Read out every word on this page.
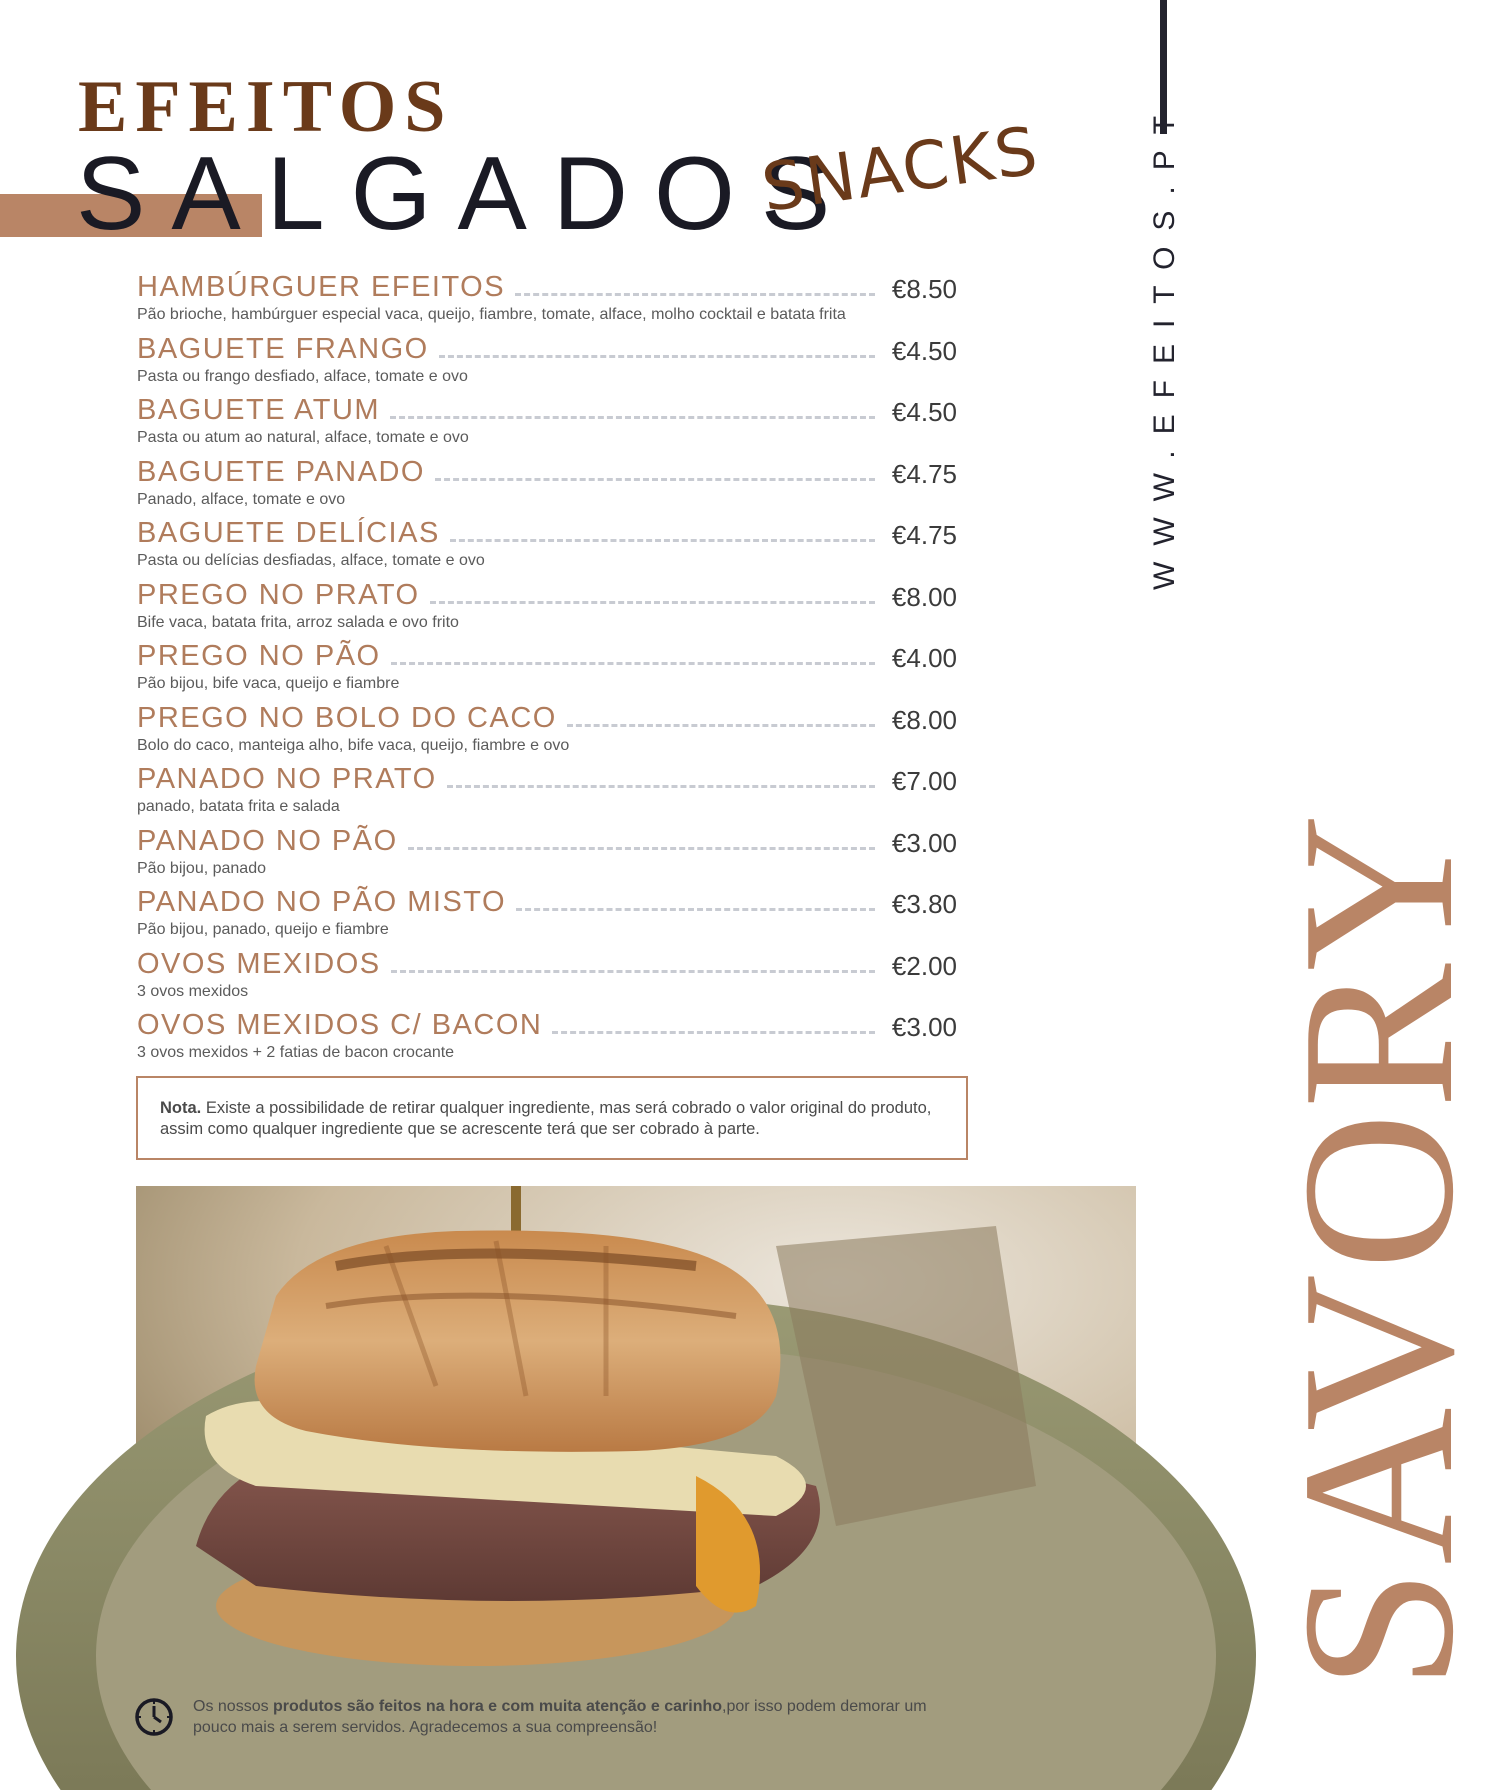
EFEITOS
SALGADOS
SNACKS	WWW.EFEITOS.PT
SAVORY
HAMBÚRGUER EFEITOS	€8.50
Pão brioche, hambúrguer especial vaca, queijo, fiambre, tomate, alface, molho cocktail e batata frita
BAGUETE FRANGO	€4.50
Pasta ou frango desfiado, alface, tomate e ovo
BAGUETE ATUM	€4.50
Pasta ou atum ao natural, alface, tomate e ovo
BAGUETE PANADO	€4.75
Panado, alface, tomate e ovo
BAGUETE DELÍCIAS	€4.75
Pasta ou delícias desfiadas, alface, tomate e ovo
PREGO NO PRATO	€8.00
Bife vaca, batata frita, arroz salada e ovo frito
PREGO NO PÃO	€4.00
Pão bijou, bife vaca, queijo e fiambre
PREGO NO BOLO DO CACO	€8.00
Bolo do caco, manteiga alho, bife vaca, queijo, fiambre e ovo
PANADO NO PRATO	€7.00
panado, batata frita e salada
PANADO NO PÃO	€3.00
Pão bijou, panado
PANADO NO PÃO MISTO	€3.80
Pão bijou, panado, queijo e fiambre
OVOS MEXIDOS	€2.00
3 ovos mexidos
OVOS MEXIDOS C/ BACON	€3.00
3 ovos mexidos + 2 fatias de bacon crocante
Nota. Existe a possibilidade de retirar qualquer ingrediente, mas será cobrado o valor original do produto, assim como qualquer ingrediente que se acrescente terá que ser cobrado à parte.
Os nossos produtos são feitos na hora e com muita atenção e carinho,por isso podem demorar um pouco mais a serem servidos. Agradecemos a sua compreensão!
